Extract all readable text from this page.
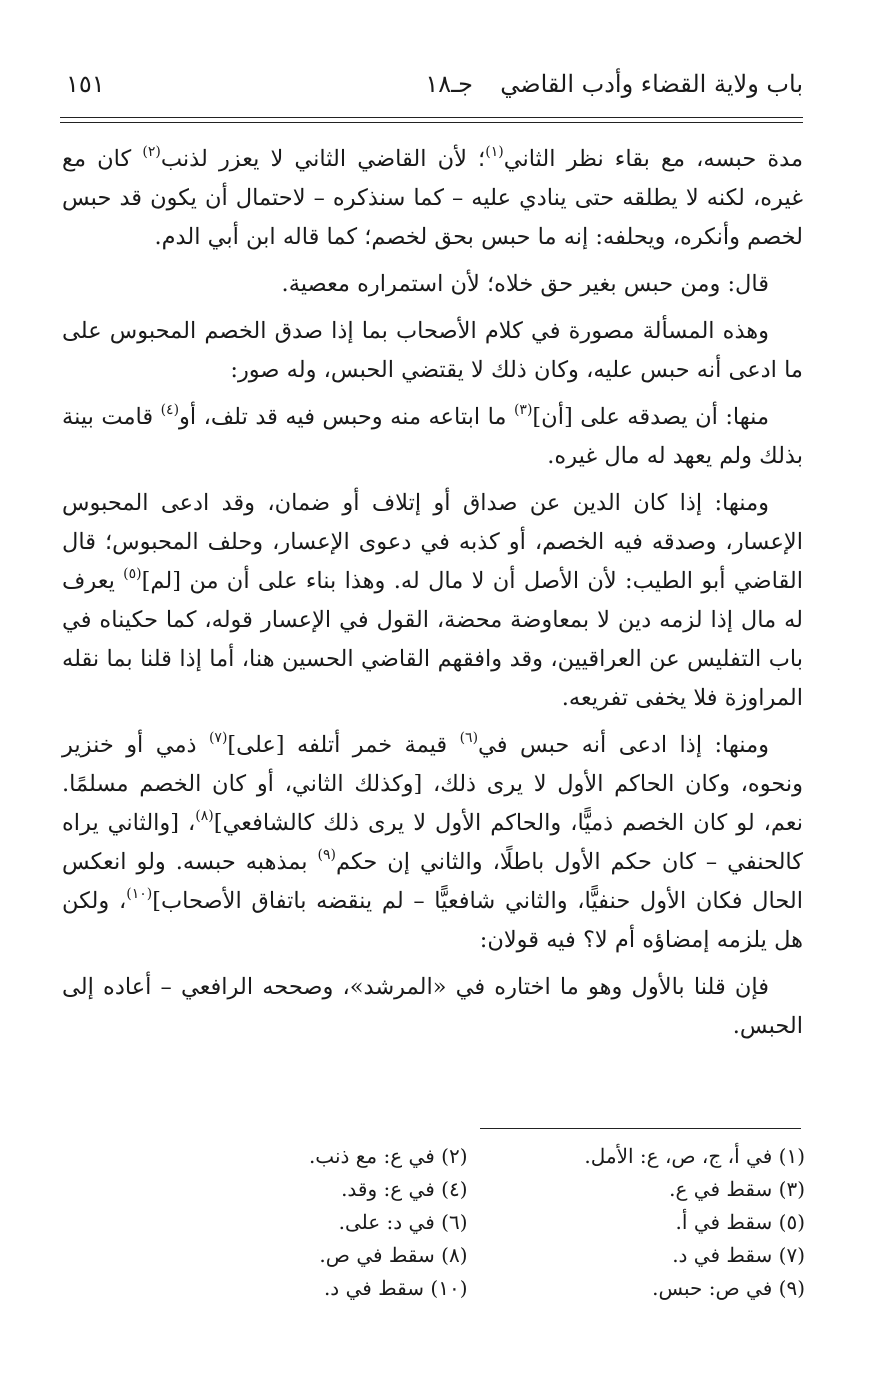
باب ولاية القضاء وأدب القاضي
جـ١٨
١٥١

مدة حبسه، مع بقاء نظر الثاني$^{(١)}$؛ لأن القاضي الثاني لا يعزر لذنب$^{(٢)}$ كان مع غيره، لكنه لا يطلقه حتى ينادي عليه – كما سنذكره – لاحتمال أن يكون قد حبس لخصم وأنكره، ويحلفه: إنه ما حبس بحق لخصم؛ كما قاله ابن أبي الدم.

قال: ومن حبس بغير حق خلاه؛ لأن استمراره معصية.

وهذه المسألة مصورة في كلام الأصحاب بما إذا صدق الخصم المحبوس على ما ادعى أنه حبس عليه، وكان ذلك لا يقتضي الحبس، وله صور:

منها: أن يصدقه على [أن]$^{(٣)}$ ما ابتاعه منه وحبس فيه قد تلف، أو$^{(٤)}$ قامت بينة بذلك ولم يعهد له مال غيره.

ومنها: إذا كان الدين عن صداق أو إتلاف أو ضمان، وقد ادعى المحبوس الإعسار، وصدقه فيه الخصم، أو كذبه في دعوى الإعسار، وحلف المحبوس؛ قال القاضي أبو الطيب: لأن الأصل أن لا مال له. وهذا بناء على أن من [لم]$^{(٥)}$ يعرف له مال إذا لزمه دين لا بمعاوضة محضة، القول في الإعسار قوله، كما حكيناه في باب التفليس عن العراقيين، وقد وافقهم القاضي الحسين هنا، أما إذا قلنا بما نقله المراوزة فلا يخفى تفريعه.

ومنها: إذا ادعى أنه حبس في$^{(٦)}$ قيمة خمر أتلفه [على]$^{(٧)}$ ذمي أو خنزير ونحوه، وكان الحاكم الأول لا يرى ذلك، [وكذلك الثاني، أو كان الخصم مسلمًا. نعم، لو كان الخصم ذميًّا، والحاكم الأول لا يرى ذلك كالشافعي]$^{(٨)}$، [والثاني يراه كالحنفي – كان حكم الأول باطلًا، والثاني إن حكم$^{(٩)}$ بمذهبه حبسه. ولو انعكس الحال فكان الأول حنفيًّا، والثاني شافعيًّا – لم ينقضه باتفاق الأصحاب]$^{(١٠)}$، ولكن هل يلزمه إمضاؤه أم لا؟ فيه قولان:

فإن قلنا بالأول وهو ما اختاره في «المرشد»، وصححه الرافعي – أعاده إلى الحبس.

(١) في أ، ج، ص، ع: الأمل.
(٢) في ع: مع ذنب.
(٣) سقط في ع.
(٤) في ع: وقد.
(٥) سقط في أ.
(٦) في د: على.
(٧) سقط في د.
(٨) سقط في ص.
(٩) في ص: حبس.
(١٠) سقط في د.
